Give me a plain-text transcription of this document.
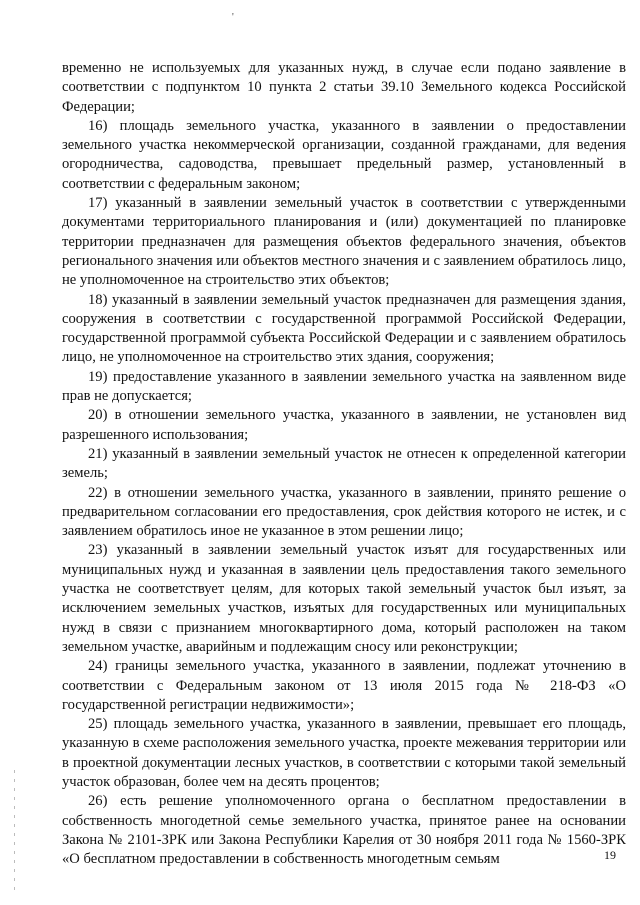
'

временно не используемых для указанных нужд, в случае если подано заявление в соответствии с подпунктом 10 пункта 2 статьи 39.10 Земельного кодекса Российской Федерации;

16) площадь земельного участка, указанного в заявлении о предоставлении земельного участка некоммерческой организации, созданной гражданами, для ведения огородничества, садоводства, превышает предельный размер, установленный в соответствии с федеральным законом;

17) указанный в заявлении земельный участок в соответствии с утвержденными документами территориального планирования и (или) документацией по планировке территории предназначен для размещения объектов федерального значения, объектов регионального значения или объектов местного значения и с заявлением обратилось лицо, не уполномоченное на строительство этих объектов;

18) указанный в заявлении земельный участок предназначен для размещения здания, сооружения в соответствии с государственной программой Российской Федерации, государственной программой субъекта Российской Федерации и с заявлением обратилось лицо, не уполномоченное на строительство этих здания, сооружения;

19) предоставление указанного в заявлении земельного участка на заявленном виде прав не допускается;

20) в отношении земельного участка, указанного в заявлении, не установлен вид разрешенного использования;

21) указанный в заявлении земельный участок не отнесен к определенной категории земель;

22) в отношении земельного участка, указанного в заявлении, принято решение о предварительном согласовании его предоставления, срок действия которого не истек, и с заявлением обратилось иное не указанное в этом решении лицо;

23) указанный в заявлении земельный участок изъят для государственных или муниципальных нужд и указанная в заявлении цель предоставления такого земельного участка не соответствует целям, для которых такой земельный участок был изъят, за исключением земельных участков, изъятых для государственных или муниципальных нужд в связи с признанием многоквартирного дома, который расположен на таком земельном участке, аварийным и подлежащим сносу или реконструкции;

24) границы земельного участка, указанного в заявлении, подлежат уточнению в соответствии с Федеральным законом от 13 июля 2015 года № 218-ФЗ «О государственной регистрации недвижимости»;

25) площадь земельного участка, указанного в заявлении, превышает его площадь, указанную в схеме расположения земельного участка, проекте межевания территории или в проектной документации лесных участков, в соответствии с которыми такой земельный участок образован, более чем на десять процентов;

26) есть решение уполномоченного органа о бесплатном предоставлении в собственность многодетной семье земельного участка, принятое ранее на основании Закона № 2101-ЗРК или Закона Республики Карелия от 30 ноября 2011 года № 1560-ЗРК «О бесплатном предоставлении в собственность многодетным семьям	19
